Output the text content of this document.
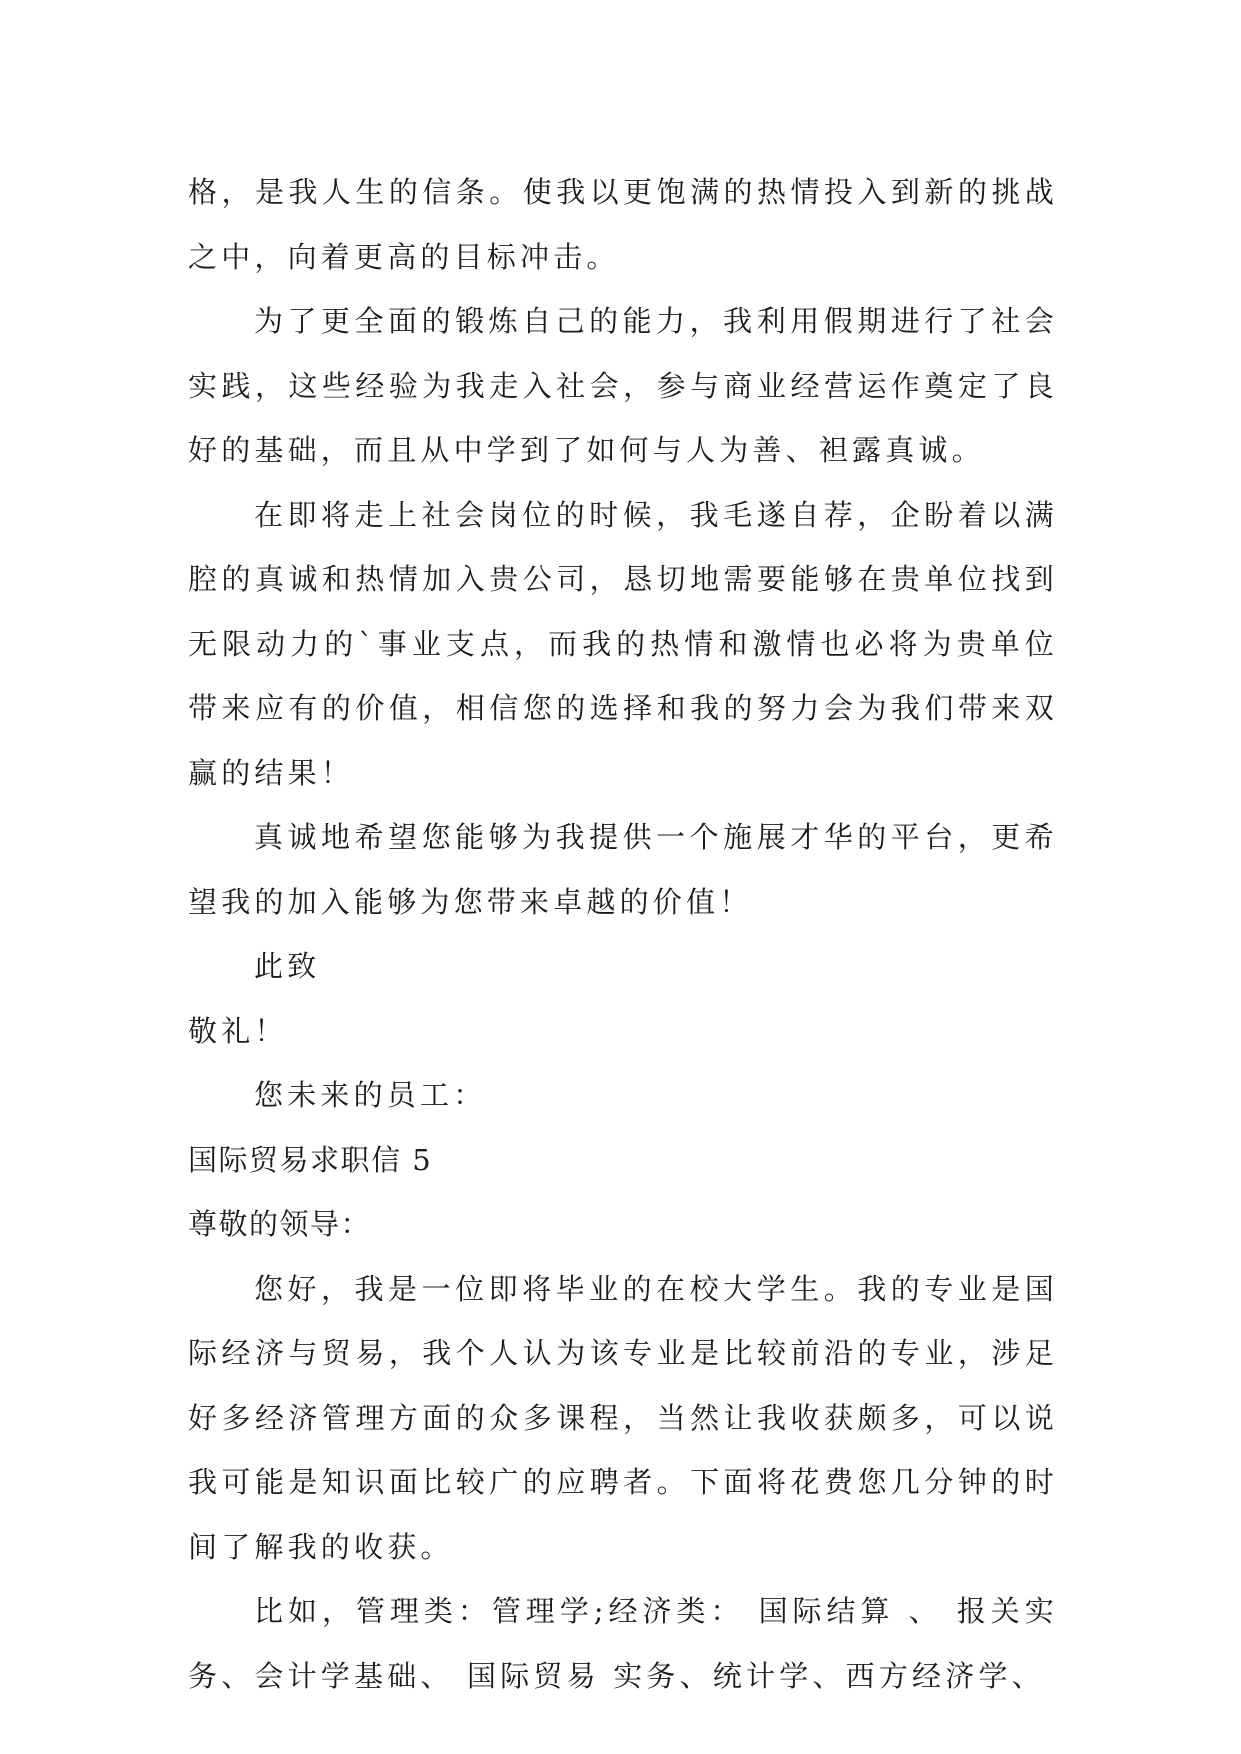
格，是我人生的信条。使我以更饱满的热情投入到新的挑战之中，向着更高的目标冲击。

为了更全面的锻炼自己的能力，我利用假期进行了社会实践，这些经验为我走入社会，参与商业经营运作奠定了良好的基础，而且从中学到了如何与人为善、袒露真诚。

在即将走上社会岗位的时候，我毛遂自荐，企盼着以满腔的真诚和热情加入贵公司，恳切地需要能够在贵单位找到无限动力的`事业支点，而我的热情和激情也必将为贵单位带来应有的价值，相信您的选择和我的努力会为我们带来双赢的结果！

真诚地希望您能够为我提供一个施展才华的平台，更希望我的加入能够为您带来卓越的价值！

此致

敬礼！

您未来的员工：

国际贸易求职信 5

尊敬的领导：

您好，我是一位即将毕业的在校大学生。我的专业是国际经济与贸易，我个人认为该专业是比较前沿的专业，涉足好多经济管理方面的众多课程，当然让我收获颇多，可以说我可能是知识面比较广的应聘者。下面将花费您几分钟的时间了解我的收获。

比如，管理类：管理学;经济类： 国际结算 、 报关实务、会计学基础、 国际贸易 实务、统计学、西方经济学、
